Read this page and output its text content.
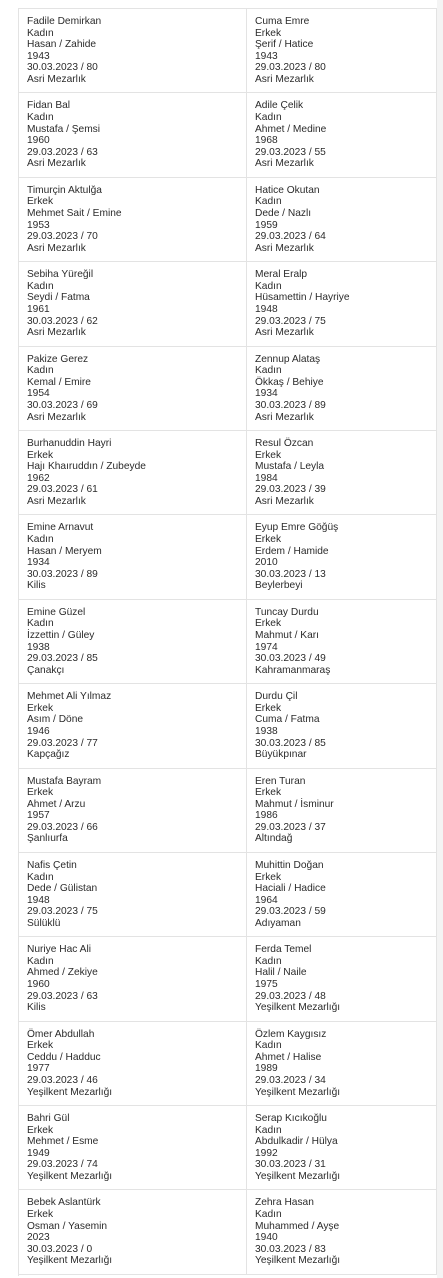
Fadile Demirkan
Kadın
Hasan / Zahide
1943
30.03.2023 / 80
Asri Mezarlık
Cuma Emre
Erkek
Şerif / Hatice
1943
29.03.2023 / 80
Asri Mezarlık
Fidan Bal
Kadın
Mustafa / Şemsi
1960
29.03.2023 / 63
Asri Mezarlık
Adile Çelik
Kadın
Ahmet / Medine
1968
29.03.2023 / 55
Asri Mezarlık
Timurçin Aktulğa
Erkek
Mehmet Sait / Emine
1953
29.03.2023 / 70
Asri Mezarlık
Hatice Okutan
Kadın
Dede / Nazlı
1959
29.03.2023 / 64
Asri Mezarlık
Sebiha Yüreğil
Kadın
Seydi / Fatma
1961
30.03.2023 / 62
Asri Mezarlık
Meral Eralp
Kadın
Hüsamettin / Hayriye
1948
29.03.2023 / 75
Asri Mezarlık
Pakize Gerez
Kadın
Kemal / Emire
1954
30.03.2023 / 69
Asri Mezarlık
Zennup Alataş
Kadın
Ökkaş / Behiye
1934
30.03.2023 / 89
Asri Mezarlık
Burhanuddin Hayri
Erkek
Hajı Khaıruddın / Zubeyde
1962
29.03.2023 / 61
Asri Mezarlık
Resul Özcan
Erkek
Mustafa / Leyla
1984
29.03.2023 / 39
Asri Mezarlık
Emine Arnavut
Kadın
Hasan / Meryem
1934
30.03.2023 / 89
Kilis
Eyup Emre Göğüş
Erkek
Erdem / Hamide
2010
30.03.2023 / 13
Beylerbeyi
Emine Güzel
Kadın
İzzettin / Güley
1938
29.03.2023 / 85
Çanakçı
Tuncay Durdu
Erkek
Mahmut / Karı
1974
30.03.2023 / 49
Kahramanmaraş
Mehmet Ali Yılmaz
Erkek
Asım / Döne
1946
29.03.2023 / 77
Kapçağız
Durdu Çil
Erkek
Cuma / Fatma
1938
30.03.2023 / 85
Büyükpınar
Mustafa Bayram
Erkek
Ahmet / Arzu
1957
29.03.2023 / 66
Şanlıurfa
Eren Turan
Erkek
Mahmut / İsminur
1986
29.03.2023 / 37
Altındağ
Nafis Çetin
Kadın
Dede / Gülistan
1948
29.03.2023 / 75
Sülüklü
Muhittin Doğan
Erkek
Haciali / Hadice
1964
29.03.2023 / 59
Adıyaman
Nuriye Hac Ali
Kadın
Ahmed / Zekiye
1960
29.03.2023 / 63
Kilis
Ferda Temel
Kadın
Halil / Naile
1975
29.03.2023 / 48
Yeşilkent Mezarlığı
Ömer Abdullah
Erkek
Ceddu / Hadduc
1977
29.03.2023 / 46
Yeşilkent Mezarlığı
Özlem Kaygısız
Kadın
Ahmet / Halise
1989
29.03.2023 / 34
Yeşilkent Mezarlığı
Bahri Gül
Erkek
Mehmet / Esme
1949
29.03.2023 / 74
Yeşilkent Mezarlığı
Serap Kıcıkoğlu
Kadın
Abdulkadir / Hülya
1992
30.03.2023 / 31
Yeşilkent Mezarlığı
Bebek Aslantürk
Erkek
Osman / Yasemin
2023
30.03.2023 / 0
Yeşilkent Mezarlığı
Zehra Hasan
Kadın
Muhammed / Ayşe
1940
30.03.2023 / 83
Yeşilkent Mezarlığı
